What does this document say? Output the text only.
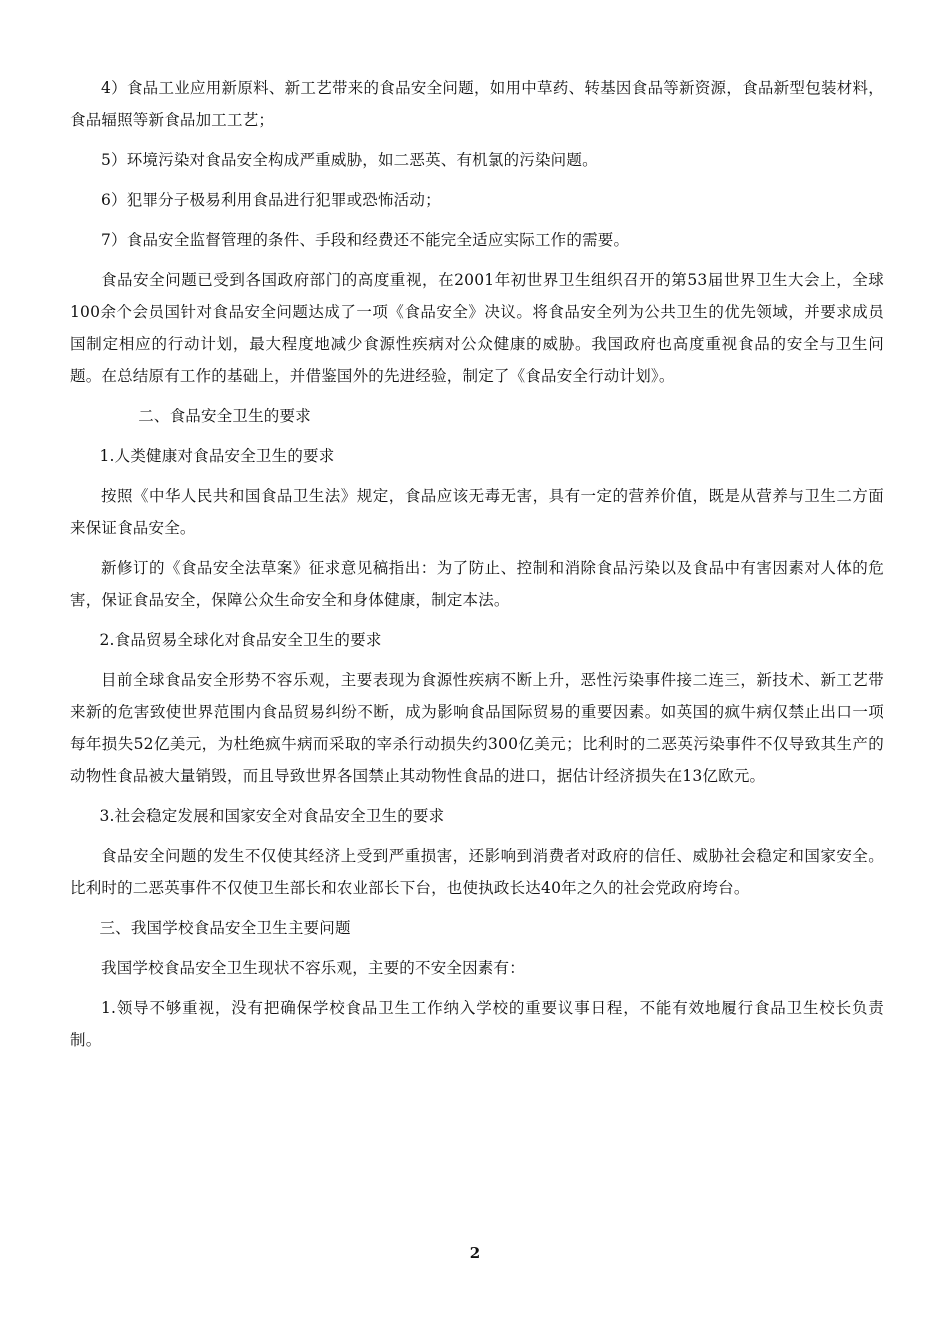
4）食品工业应用新原料、新工艺带来的食品安全问题，如用中草药、转基因食品等新资源，食品新型包装材料，食品辐照等新食品加工工艺；

5）环境污染对食品安全构成严重威胁，如二恶英、有机氯的污染问题。

6）犯罪分子极易利用食品进行犯罪或恐怖活动；

7）食品安全监督管理的条件、手段和经费还不能完全适应实际工作的需要。

食品安全问题已受到各国政府部门的高度重视，在2001年初世界卫生组织召开的第53届世界卫生大会上，全球100余个会员国针对食品安全问题达成了一项《食品安全》决议。将食品安全列为公共卫生的优先领域，并要求成员国制定相应的行动计划，最大程度地减少食源性疾病对公众健康的威胁。我国政府也高度重视食品的安全与卫生问题。在总结原有工作的基础上，并借鉴国外的先进经验，制定了《食品安全行动计划》。

二、食品安全卫生的要求

1.人类健康对食品安全卫生的要求

按照《中华人民共和国食品卫生法》规定，食品应该无毒无害，具有一定的营养价值，既是从营养与卫生二方面来保证食品安全。

新修订的《食品安全法草案》征求意见稿指出：为了防止、控制和消除食品污染以及食品中有害因素对人体的危害，保证食品安全，保障公众生命安全和身体健康，制定本法。

2.食品贸易全球化对食品安全卫生的要求

目前全球食品安全形势不容乐观，主要表现为食源性疾病不断上升，恶性污染事件接二连三，新技术、新工艺带来新的危害致使世界范围内食品贸易纠纷不断，成为影响食品国际贸易的重要因素。如英国的疯牛病仅禁止出口一项每年损失52亿美元，为杜绝疯牛病而采取的宰杀行动损失约300亿美元；比利时的二恶英污染事件不仅导致其生产的动物性食品被大量销毁，而且导致世界各国禁止其动物性食品的进口，据估计经济损失在13亿欧元。

3.社会稳定发展和国家安全对食品安全卫生的要求

食品安全问题的发生不仅使其经济上受到严重损害，还影响到消费者对政府的信任、威胁社会稳定和国家安全。比利时的二恶英事件不仅使卫生部长和农业部长下台，也使执政长达40年之久的社会党政府垮台。

三、我国学校食品安全卫生主要问题

我国学校食品安全卫生现状不容乐观，主要的不安全因素有：

1.领导不够重视，没有把确保学校食品卫生工作纳入学校的重要议事日程，不能有效地履行食品卫生校长负责制。

2
